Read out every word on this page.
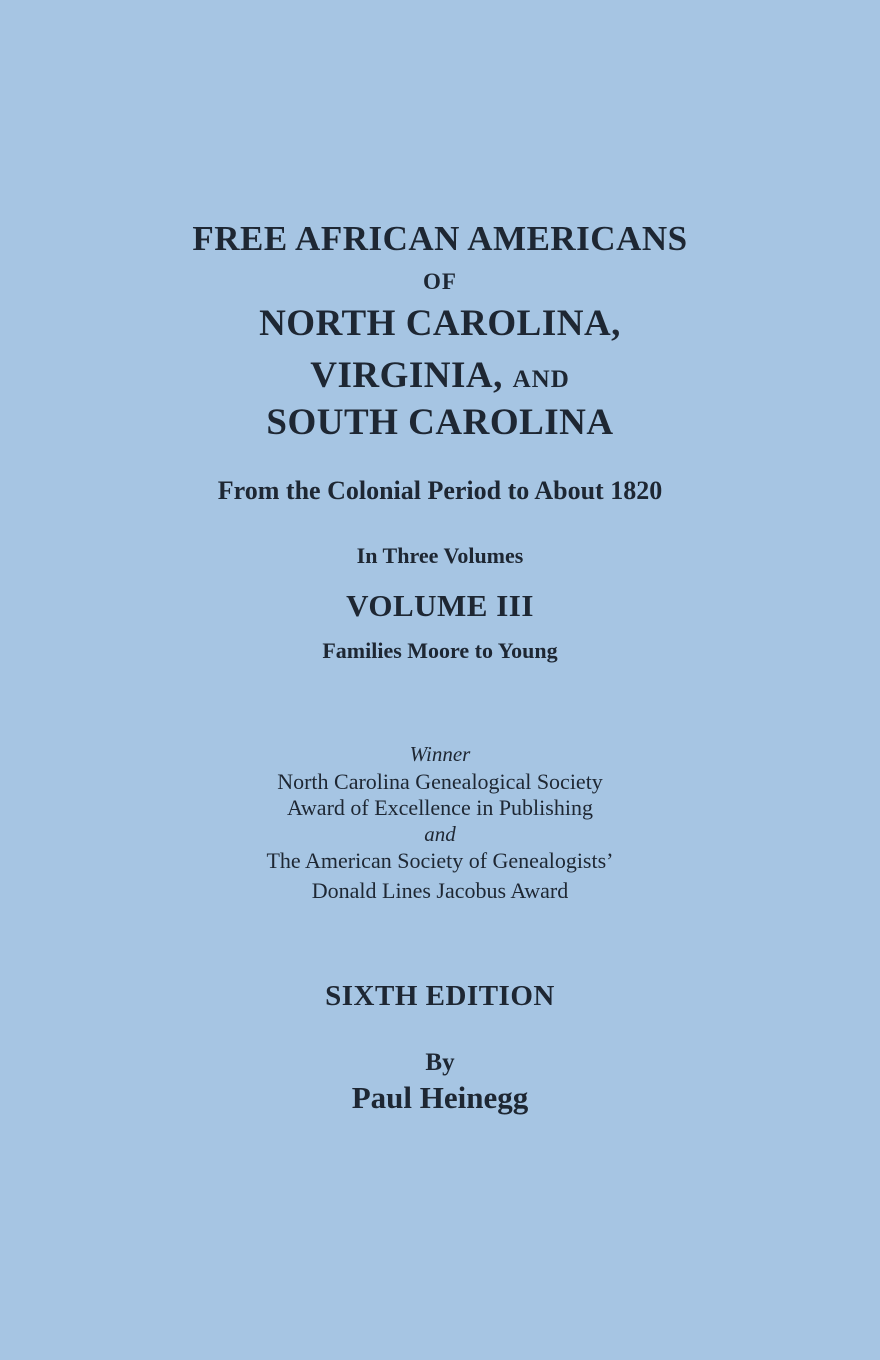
FREE AFRICAN AMERICANS
OF
NORTH CAROLINA,
VIRGINIA, AND
SOUTH CAROLINA
From the Colonial Period to About 1820
In Three Volumes
VOLUME III
Families Moore to Young
Winner
North Carolina Genealogical Society
Award of Excellence in Publishing
and
The American Society of Genealogists’
Donald Lines Jacobus Award
SIXTH EDITION
By
Paul Heinegg
